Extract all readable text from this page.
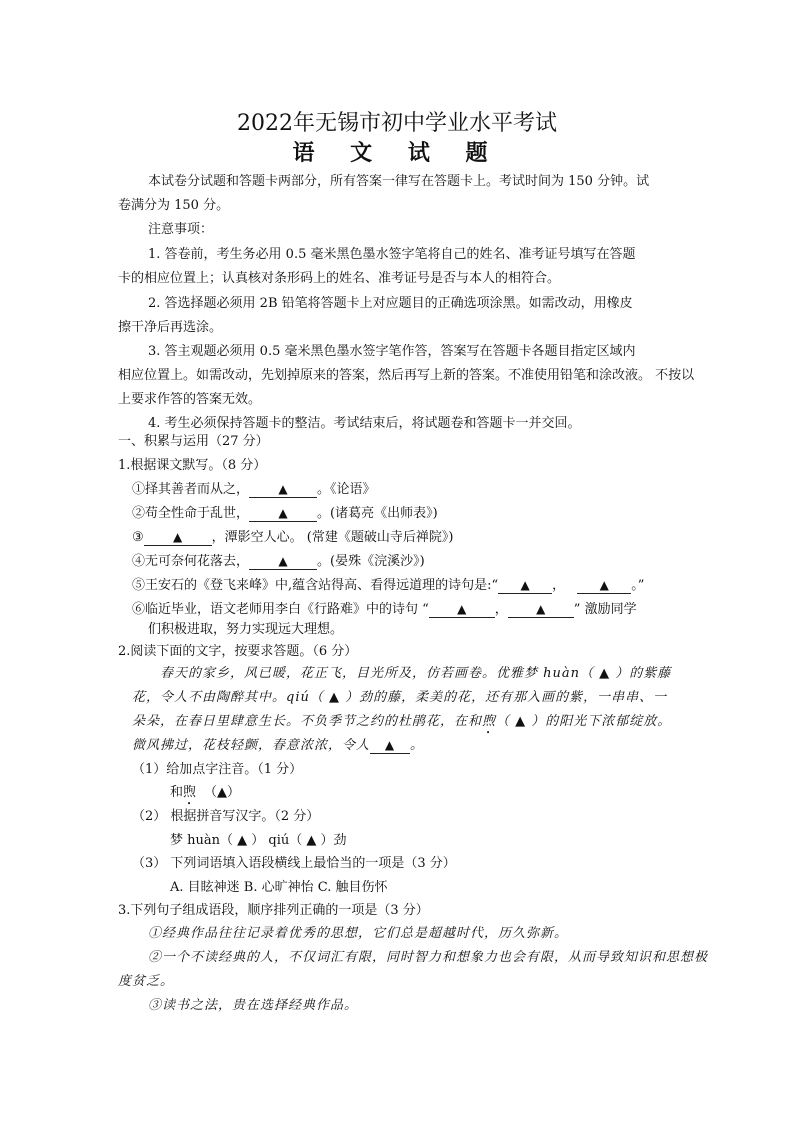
2022年无锡市初中学业水平考试
语 文 试 题
本试卷分试题和答题卡两部分，所有答案一律写在答题卡上。考试时间为 150 分钟。试
卷满分为 150 分。
注意事项：
1. 答卷前，考生务必用 0.5 毫米黑色墨水签字笔将自己的姓名、准考证号填写在答题
卡的相应位置上；认真核对条形码上的姓名、准考证号是否与本人的相符合。
2. 答选择题必须用 2B 铅笔将答题卡上对应题目的正确选项涂黑。如需改动，用橡皮
擦干净后再选涂。
3. 答主观题必须用 0.5 毫米黑色墨水签字笔作答，答案写在答题卡各题目指定区域内
相应位置上。如需改动，先划掉原来的答案，然后再写上新的答案。不准使用铅笔和涂改液。 不按以
上要求作答的答案无效。
4. 考生必须保持答题卡的整洁。考试结束后，将试题卷和答题卡一并交回。
一、积累与运用（27 分）
1.根据课文默写。（8 分）
①择其善者而从之， ▲ 。《论语》
②苟全性命于乱世， ▲ 。(诸葛亮《出师表》)
③ ▲ ，潭影空人心。 (常建《题破山寺后禅院》)
④无可奈何花落去， ▲ 。(晏殊《浣溪沙》)
⑤王安石的《登飞来峰》中,蕴含站得高、看得远道理的诗句是:“ ▲ ，	▲ 。”
⑥临近毕业，语文老师用李白《行路难》中的诗句 “ ▲ ， ▲ ” 激励同学
们积极进取，努力实现远大理想。
2.阅读下面的文字，按要求答题。（6 分）
春天的家乡，风已暖，花正飞，目光所及，仿若画卷。优雅梦 huàn（ ▲ ）的紫藤
花，令人不由陶醉其中。qiú（ ▲ ）劲的藤，柔美的花，还有那入画的紫，一串串、一
朵朵，在春日里肆意生长。不负季节之约的杜鹃花，在和煦（ ▲ ）的阳光下浓郁绽放。
微风拂过，花枝轻颤，春意浓浓，令人 ▲ 。
（1）给加点字注音。（1 分）
和煦 （▲）
（2） 根据拼音写汉字。（2 分）
梦 huàn（ ▲ ） qiú（ ▲ ）劲
（3） 下列词语填入语段横线上最恰当的一项是（3 分）
A. 目眩神迷 B. 心旷神怡 C. 触目伤怀
3.下列句子组成语段，顺序排列正确的一项是（3 分）
①经典作品往往记录着优秀的思想，它们总是超越时代，历久弥新。
②一个不读经典的人，不仅词汇有限，同时智力和想象力也会有限，从而导致知识和思想极
度贫乏。
③读书之法，贵在选择经典作品。
